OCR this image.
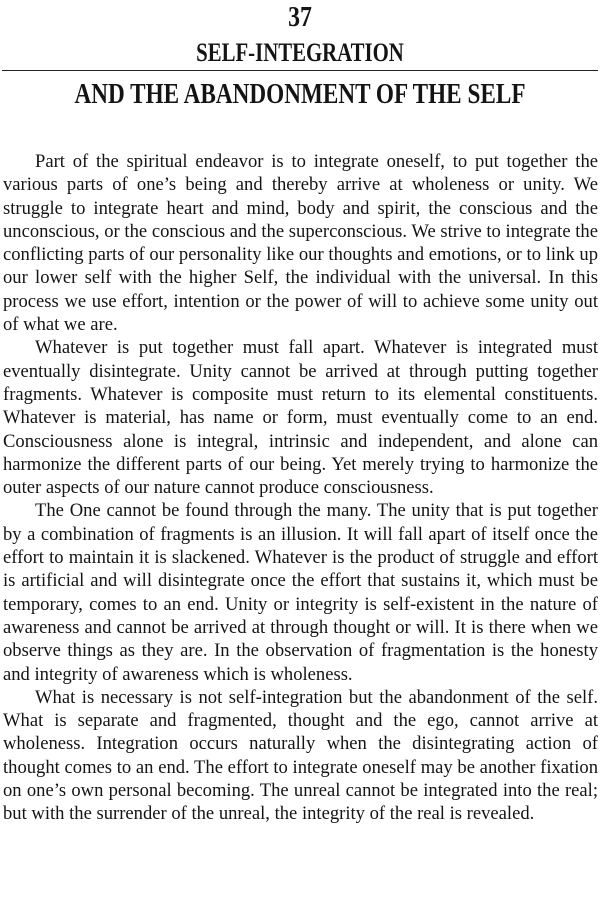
37
SELF-INTEGRATION
AND THE ABANDONMENT OF THE SELF

Part of the spiritual endeavor is to integrate oneself, to put together the various parts of one’s being and thereby arrive at wholeness or unity. We struggle to integrate heart and mind, body and spirit, the conscious and the unconscious, or the conscious and the superconscious. We strive to integrate the conflicting parts of our personality like our thoughts and emotions, or to link up our lower self with the higher Self, the individual with the universal. In this process we use effort, intention or the power of will to achieve some unity out of what we are.

Whatever is put together must fall apart. Whatever is integrated must eventually disintegrate. Unity cannot be arrived at through putting together fragments. Whatever is composite must return to its elemental constituents. Whatever is material, has name or form, must eventually come to an end. Consciousness alone is integral, intrinsic and independent, and alone can harmonize the different parts of our being. Yet merely trying to harmonize the outer aspects of our nature cannot produce consciousness.

The One cannot be found through the many. The unity that is put together by a combination of fragments is an illusion. It will fall apart of itself once the effort to maintain it is slackened. Whatever is the product of struggle and effort is artificial and will disintegrate once the effort that sustains it, which must be temporary, comes to an end. Unity or integrity is self-existent in the nature of awareness and cannot be arrived at through thought or will. It is there when we observe things as they are. In the observation of fragmentation is the honesty and integrity of awareness which is wholeness.

What is necessary is not self-integration but the abandonment of the self. What is separate and fragmented, thought and the ego, cannot arrive at wholeness. Integration occurs naturally when the disintegrating action of thought comes to an end. The effort to integrate oneself may be another fixation on one’s own personal becoming. The unreal cannot be integrated into the real; but with the surrender of the unreal, the integrity of the real is revealed.
